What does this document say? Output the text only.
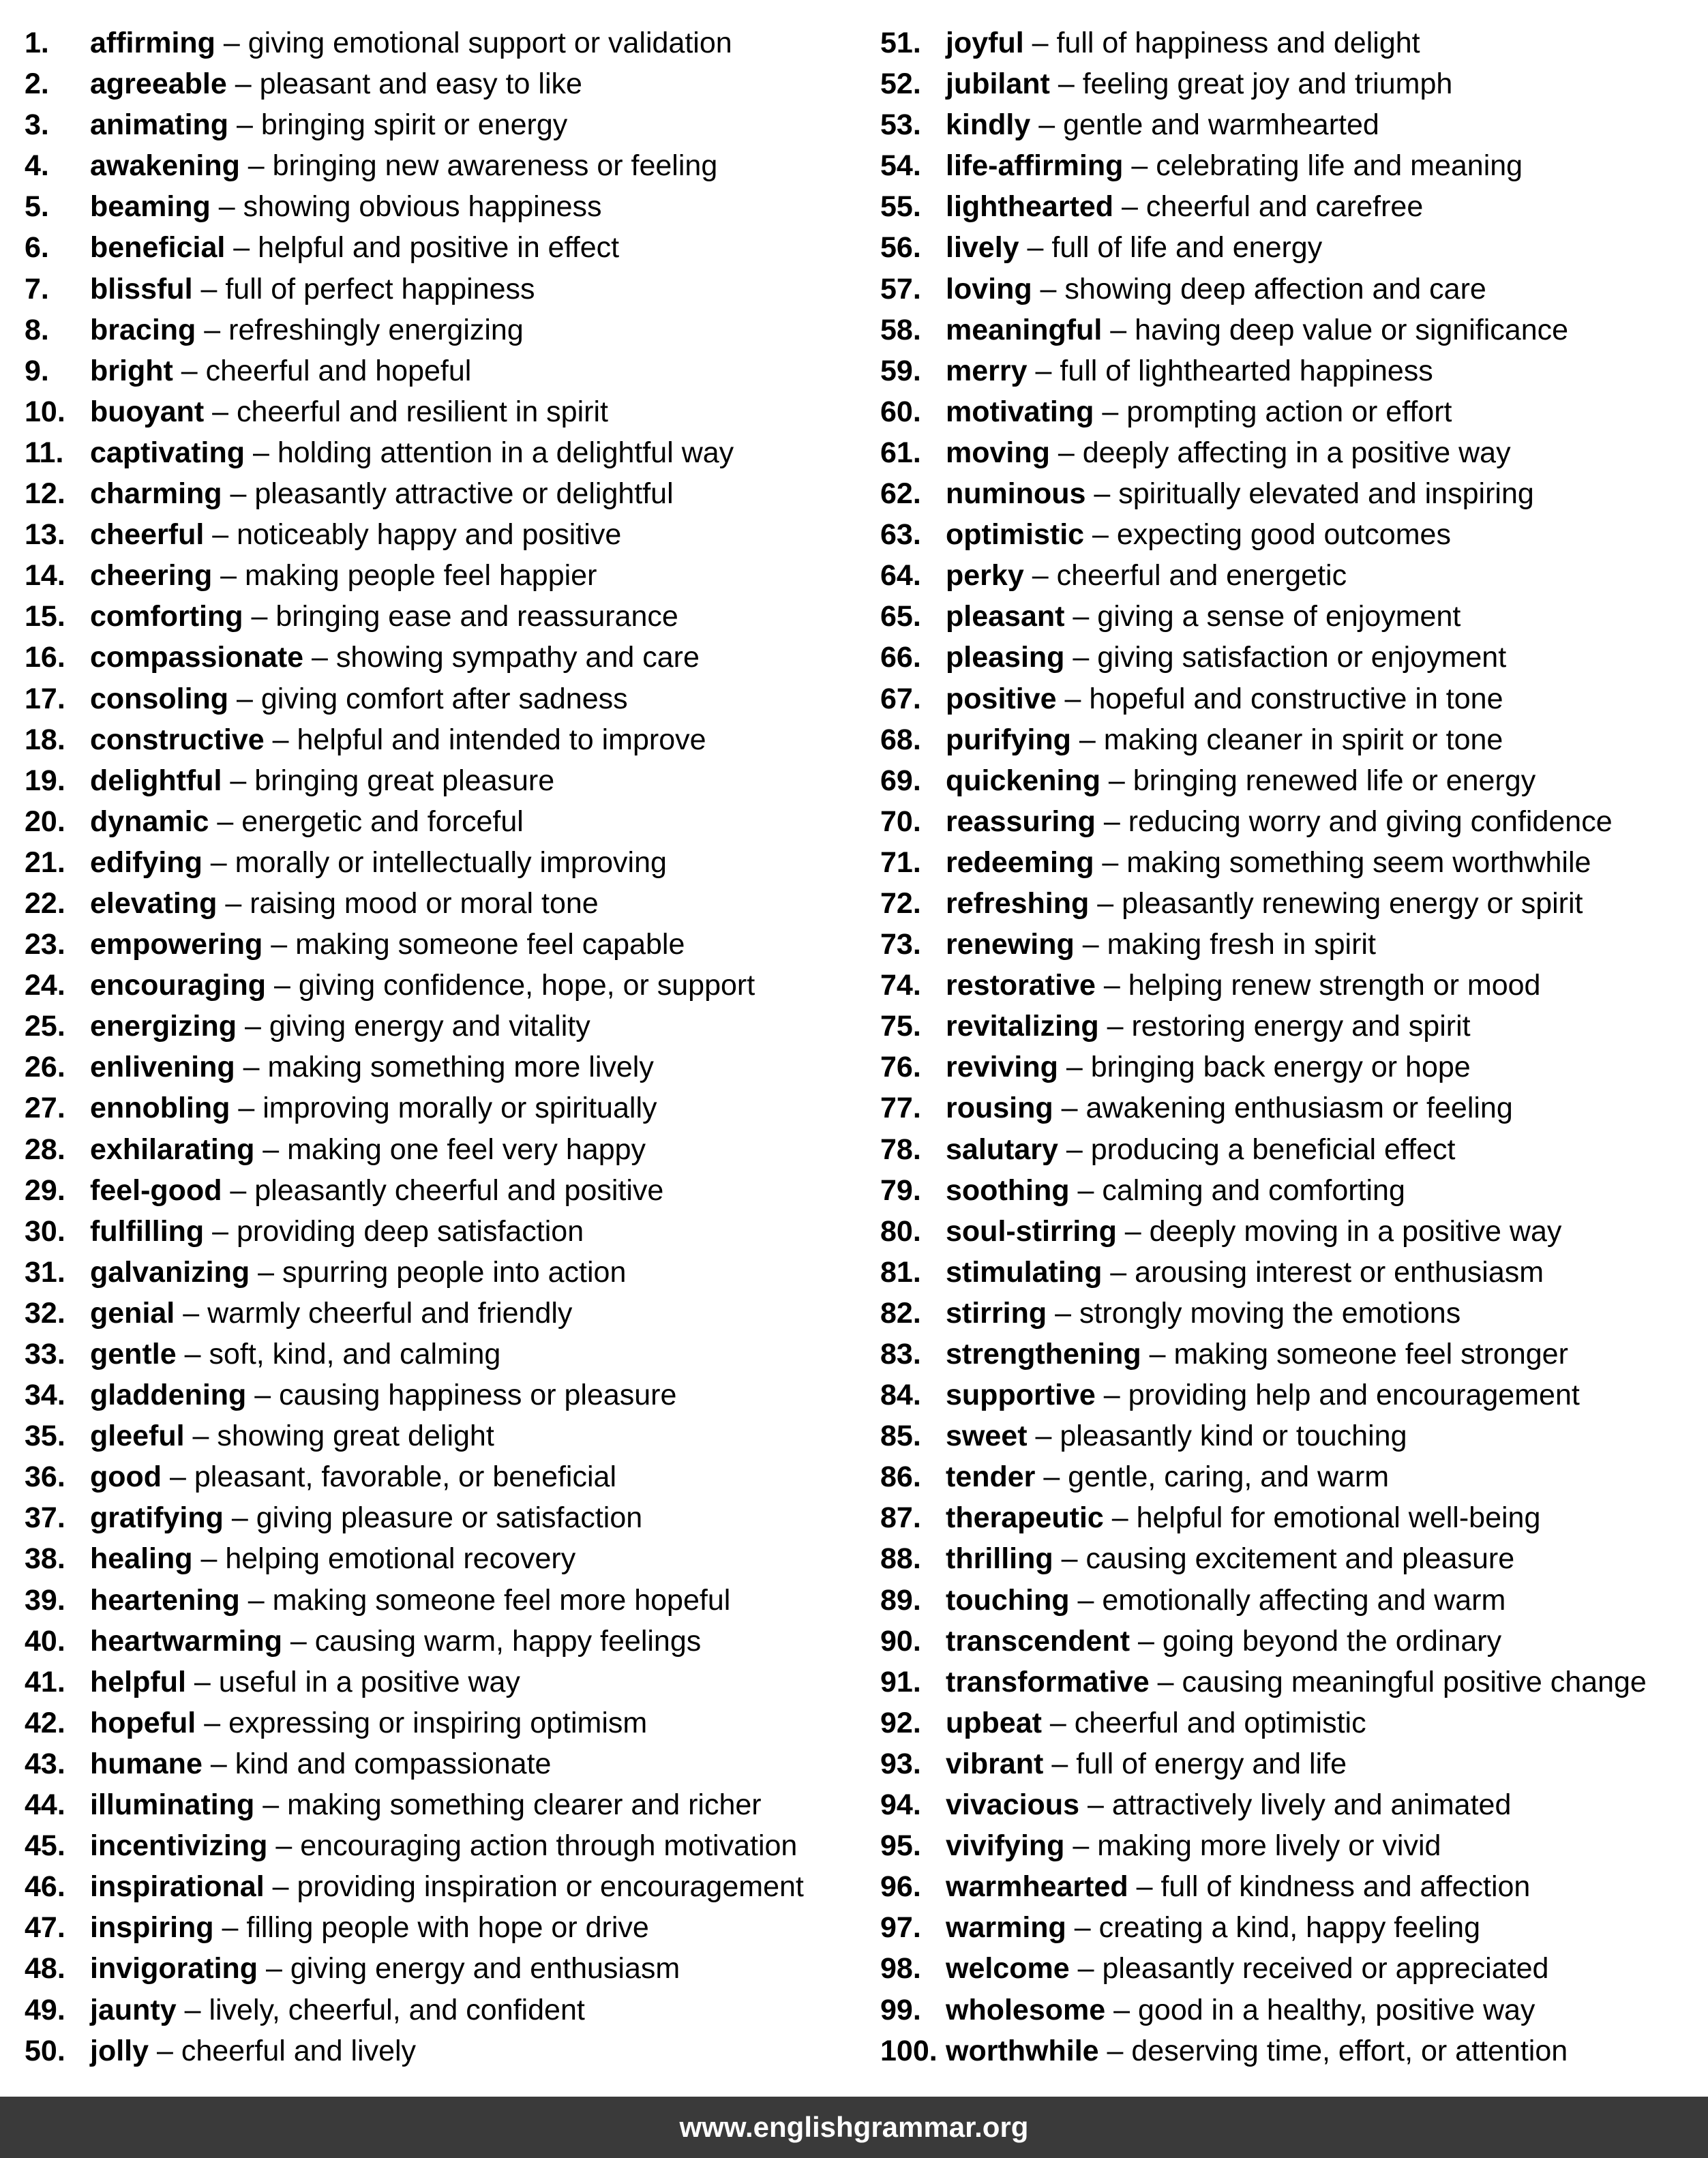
1.	affirming – giving emotional support or validation
2.	agreeable – pleasant and easy to like
3.	animating – bringing spirit or energy
4.	awakening – bringing new awareness or feeling
5.	beaming – showing obvious happiness
6.	beneficial – helpful and positive in effect
7.	blissful – full of perfect happiness
8.	bracing – refreshingly energizing
9.	bright – cheerful and hopeful
10. buoyant – cheerful and resilient in spirit
11. captivating – holding attention in a delightful way
12. charming – pleasantly attractive or delightful
13. cheerful – noticeably happy and positive
14. cheering – making people feel happier
15. comforting – bringing ease and reassurance
16. compassionate – showing sympathy and care
17. consoling – giving comfort after sadness
18. constructive – helpful and intended to improve
19. delightful – bringing great pleasure
20. dynamic – energetic and forceful
21. edifying – morally or intellectually improving
22. elevating – raising mood or moral tone
23. empowering – making someone feel capable
24. encouraging – giving confidence, hope, or support
25. energizing – giving energy and vitality
26. enlivening – making something more lively
27. ennobling – improving morally or spiritually
28. exhilarating – making one feel very happy
29. feel-good – pleasantly cheerful and positive
30. fulfilling – providing deep satisfaction
31. galvanizing – spurring people into action
32. genial – warmly cheerful and friendly
33. gentle – soft, kind, and calming
34. gladdening – causing happiness or pleasure
35. gleeful – showing great delight
36. good – pleasant, favorable, or beneficial
37. gratifying – giving pleasure or satisfaction
38. healing – helping emotional recovery
39. heartening – making someone feel more hopeful
40. heartwarming – causing warm, happy feelings
41. helpful – useful in a positive way
42. hopeful – expressing or inspiring optimism
43. humane – kind and compassionate
44. illuminating – making something clearer and richer
45. incentivizing – encouraging action through motivation
46. inspirational – providing inspiration or encouragement
47. inspiring – filling people with hope or drive
48. invigorating – giving energy and enthusiasm
49. jaunty – lively, cheerful, and confident
50. jolly – cheerful and lively
51. joyful – full of happiness and delight
52. jubilant – feeling great joy and triumph
53. kindly – gentle and warmhearted
54. life-affirming – celebrating life and meaning
55. lighthearted – cheerful and carefree
56. lively – full of life and energy
57. loving – showing deep affection and care
58. meaningful – having deep value or significance
59. merry – full of lighthearted happiness
60. motivating – prompting action or effort
61. moving – deeply affecting in a positive way
62. numinous – spiritually elevated and inspiring
63. optimistic – expecting good outcomes
64. perky – cheerful and energetic
65. pleasant – giving a sense of enjoyment
66. pleasing – giving satisfaction or enjoyment
67. positive – hopeful and constructive in tone
68. purifying – making cleaner in spirit or tone
69. quickening – bringing renewed life or energy
70. reassuring – reducing worry and giving confidence
71. redeeming – making something seem worthwhile
72. refreshing – pleasantly renewing energy or spirit
73. renewing – making fresh in spirit
74. restorative – helping renew strength or mood
75. revitalizing – restoring energy and spirit
76. reviving – bringing back energy or hope
77. rousing – awakening enthusiasm or feeling
78. salutary – producing a beneficial effect
79. soothing – calming and comforting
80. soul-stirring – deeply moving in a positive way
81. stimulating – arousing interest or enthusiasm
82. stirring – strongly moving the emotions
83. strengthening – making someone feel stronger
84. supportive – providing help and encouragement
85. sweet – pleasantly kind or touching
86. tender – gentle, caring, and warm
87. therapeutic – helpful for emotional well-being
88. thrilling – causing excitement and pleasure
89. touching – emotionally affecting and warm
90. transcendent – going beyond the ordinary
91. transformative – causing meaningful positive change
92. upbeat – cheerful and optimistic
93. vibrant – full of energy and life
94. vivacious – attractively lively and animated
95. vivifying – making more lively or vivid
96. warmhearted – full of kindness and affection
97. warming – creating a kind, happy feeling
98. welcome – pleasantly received or appreciated
99. wholesome – good in a healthy, positive way
100. worthwhile – deserving time, effort, or attention
www.englishgrammar.org
